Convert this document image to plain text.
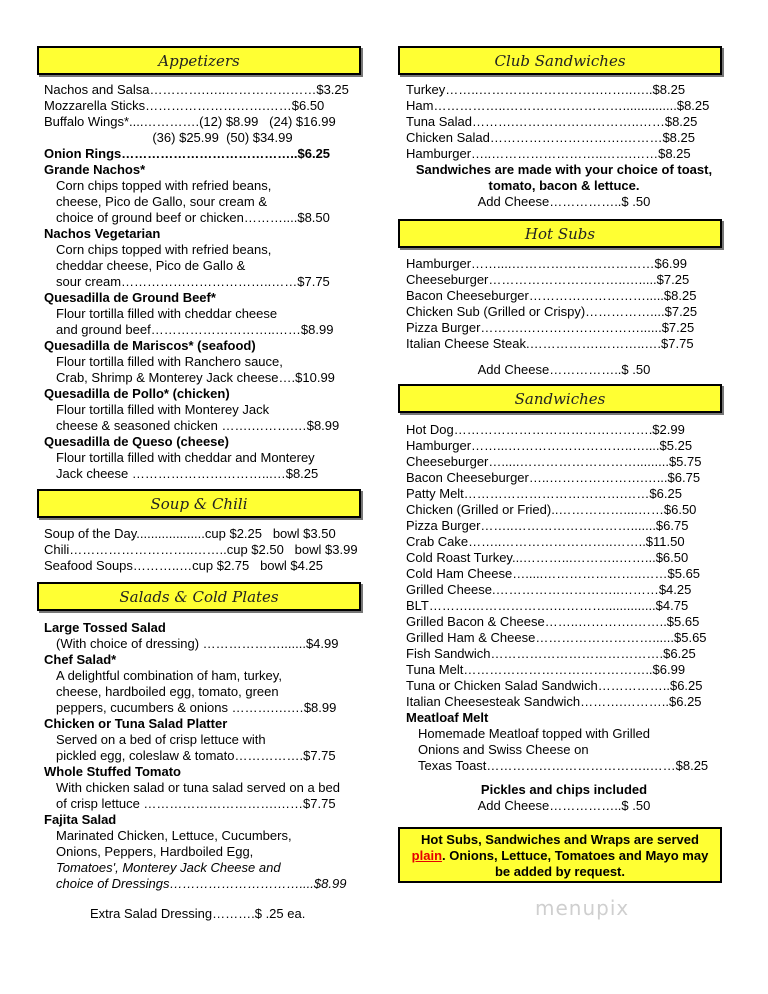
Appetizers
Soup & Chili
Salads & Cold Plates
Club Sandwiches
Hot Subs
Sandwiches
Nachos and Salsa………….…..…………………$3.25
Mozzarella Sticks……………………….……$6.50
Buffalo Wings*....………….(12) $8.99   (24) $16.99
(36) $25.99  (50) $34.99
Onion Rings…………………………………..$6.25
Grande Nachos*
Corn chips topped with refried beans,
cheese, Pico de Gallo, sour cream &
choice of ground beef or chicken………....$8.50
Nachos Vegetarian
Corn chips topped with refried beans,
cheddar cheese, Pico de Gallo &
sour cream……………………………..……$7.75
Quesadilla de Ground Beef*
Flour tortilla filled with cheddar cheese
and ground beef………………………..……$8.99
Quesadilla de Mariscos* (seafood)
Flour tortilla filled with Ranchero sauce,
Crab, Shrimp & Monterey Jack cheese….$10.99
Quesadilla de Pollo* (chicken)
Flour tortilla filled with Monterey Jack
cheese & seasoned chicken …….……….…$8.99
Quesadilla de Queso (cheese)
Flour tortilla filled with cheddar and Monterey
Jack cheese …………………………...…$8.25
Soup of the Day...................cup $2.25   bowl $3.50
Chili………………………..……..cup $2.50   bowl $3.99
Seafood Soups………..…cup $2.75   bowl $4.25
Large Tossed Salad
(With choice of dressing) ……………….......$4.99
Chef Salad*
A delightful combination of ham, turkey,
cheese, hardboiled egg, tomato, green
peppers, cucumbers & onions ……….….…$8.99
Chicken or Tuna Salad Platter
Served on a bed of crisp lettuce with
pickled egg, coleslaw & tomato…………….$7.75
Whole Stuffed Tomato
With chicken salad or tuna salad served on a bed
of crisp lettuce ………………………….……$7.75
Fajita Salad
Marinated Chicken, Lettuce, Cucumbers,
Onions, Peppers, Hardboiled Egg,
Tomatoes', Monterey Jack Cheese and
choice of Dressings…………………………....$8.99
Extra Salad Dressing……….$ .25 ea.
Turkey……..……………………….……..…..$8.25
Ham……………..………………………...............$8.25
Tuna Salad……….………………………..……$8.25
Chicken Salad………………………….………$8.25
Hamburger…..……………………..…….……$8.25
Sandwiches are made with your choice of toast, tomato, bacon & lettuce.
Add Cheese……………..$ .50
Hamburger……....……………………………$6.99
Cheeseburger…………………………..….....$7.25
Bacon Cheeseburger……………………….....$8.25
Chicken Sub (Grilled or Crispy)……………....$7.25
Pizza Burger……….………………………......$7.25
Italian Cheese Steak.…………….………..….$7.75
Add Cheese……………..$ .50
Hot Dog……………………………………….$2.99
Hamburger……...………………………..…....$5.25
Cheeseburger….....……………………….........$5.75
Bacon Cheeseburger…..………………….…...$6.75
Patty Melt……………………………….……$6.25
Chicken (Grilled or Fried)..……………....……$6.50
Pizza Burger……..……………………….......$6.75
Crab Cake……..……………………..……..$11.50
Cold Roast Turkey...………...………..……...$6.50
Cold Ham Cheese….....…………………..……$5.65
Grilled Cheese.………………………..………$4.25
BLT……….……………….…………..............$4.75
Grilled Bacon & Cheese……..………….……..$5.65
Grilled Ham & Cheese………………………......$5.65
Fish Sandwich………………………………….$6.25
Tuna Melt……………………………………..$6.99
Tuna or Chicken Salad Sandwich……………..$6.25
Italian Cheesesteak Sandwich……….………..$6.25
Meatloaf Melt
Homemade Meatloaf topped with Grilled
Onions and Swiss Cheese on
Texas Toast………………………………..……$8.25
Pickles and chips included
Add Cheese……………..$ .50
Hot Subs, Sandwiches and Wraps are served
plain. Onions, Lettuce, Tomatoes and Mayo may
be added by request.
menupix
